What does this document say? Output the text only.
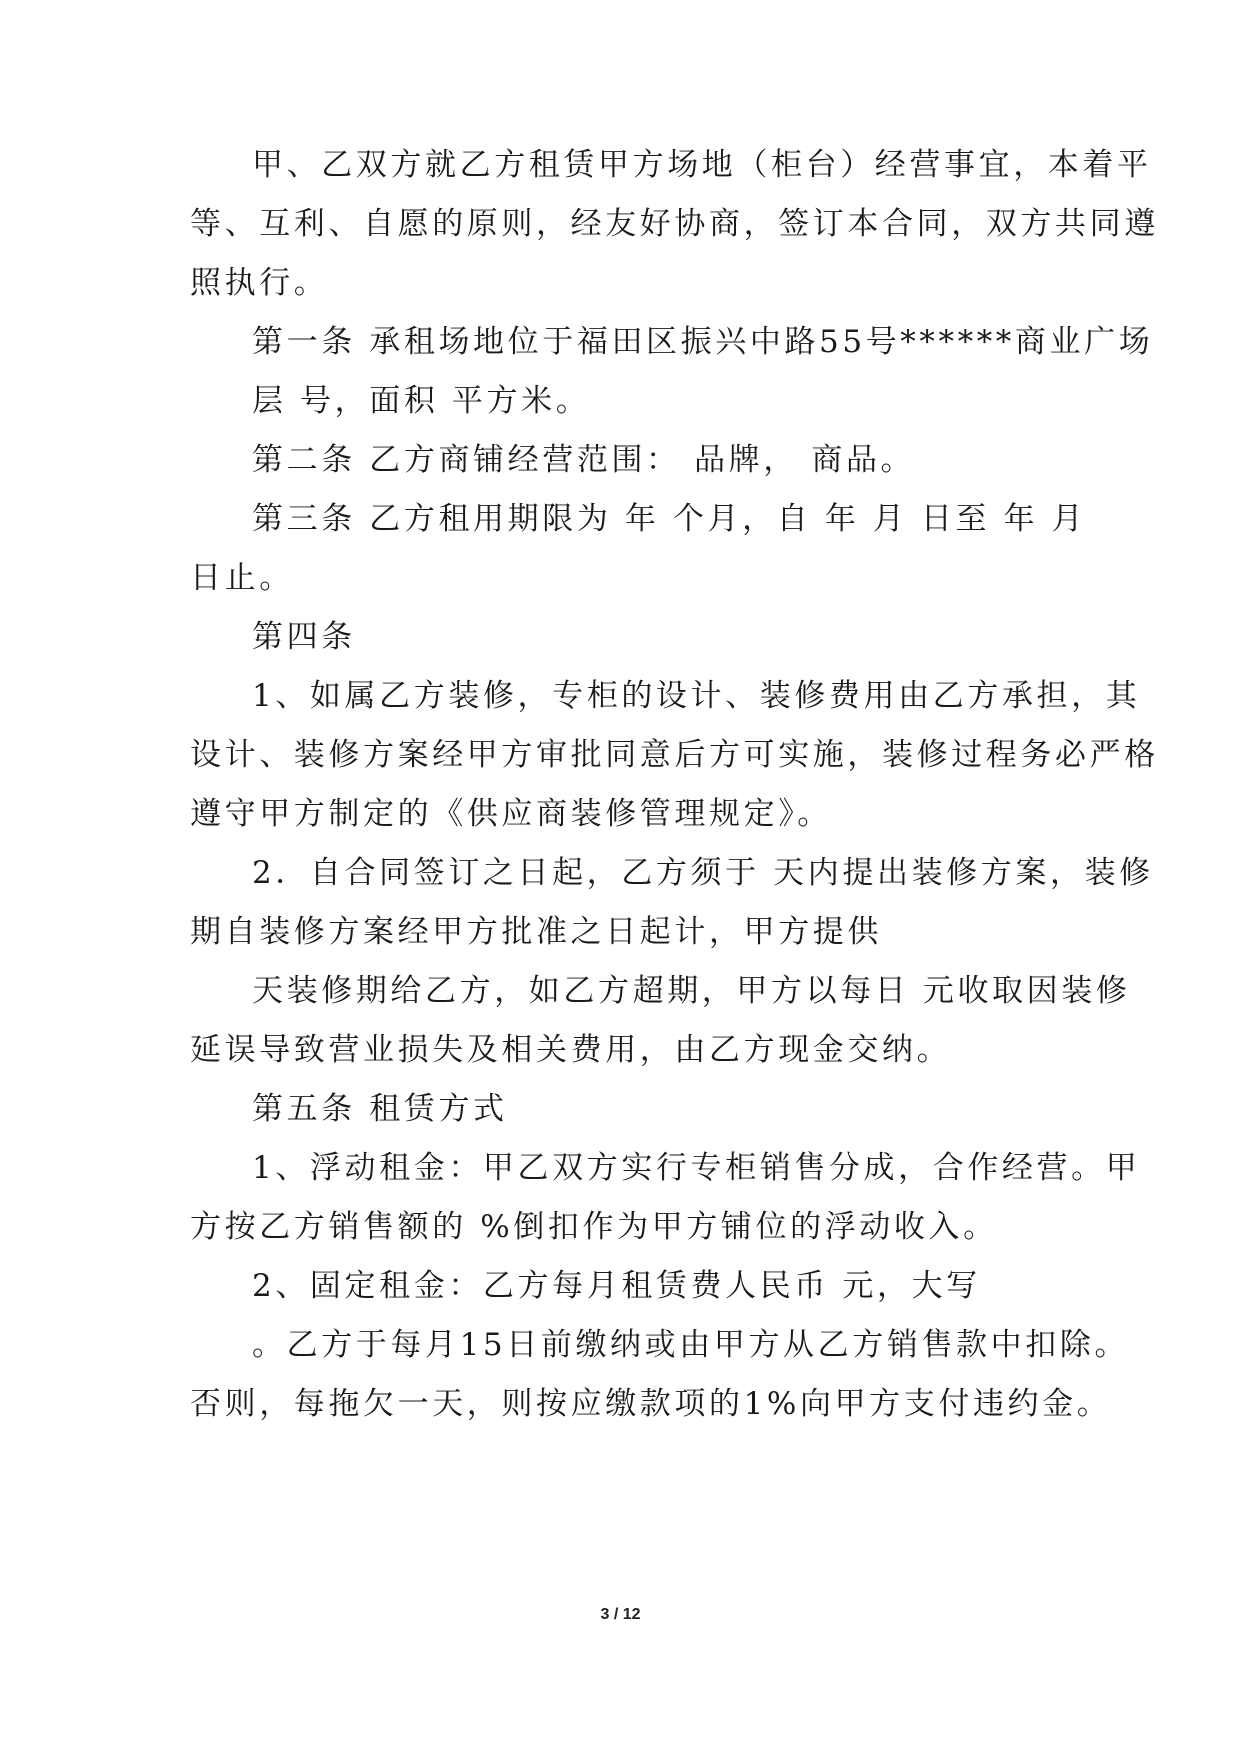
甲、乙双方就乙方租赁甲方场地（柜台）经营事宜，本着平
等、互利、自愿的原则，经友好协商，签订本合同，双方共同遵
照执行。
第一条 承租场地位于福田区振兴中路55号******商业广场
层 号，面积 平方米。
第二条 乙方商铺经营范围： 品牌， 商品。
第三条 乙方租用期限为 年 个月，自 年 月 日至 年 月
日止。
第四条
1、如属乙方装修，专柜的设计、装修费用由乙方承担，其
设计、装修方案经甲方审批同意后方可实施，装修过程务必严格
遵守甲方制定的《供应商装修管理规定》。
2．自合同签订之日起，乙方须于 天内提出装修方案，装修
期自装修方案经甲方批准之日起计，甲方提供
天装修期给乙方，如乙方超期，甲方以每日 元收取因装修
延误导致营业损失及相关费用，由乙方现金交纳。
第五条 租赁方式
1、浮动租金：甲乙双方实行专柜销售分成，合作经营。甲
方按乙方销售额的 %倒扣作为甲方铺位的浮动收入。
2、固定租金：乙方每月租赁费人民币 元，大写
。乙方于每月15日前缴纳或由甲方从乙方销售款中扣除。
否则，每拖欠一天，则按应缴款项的1%向甲方支付违约金。
3 / 12
